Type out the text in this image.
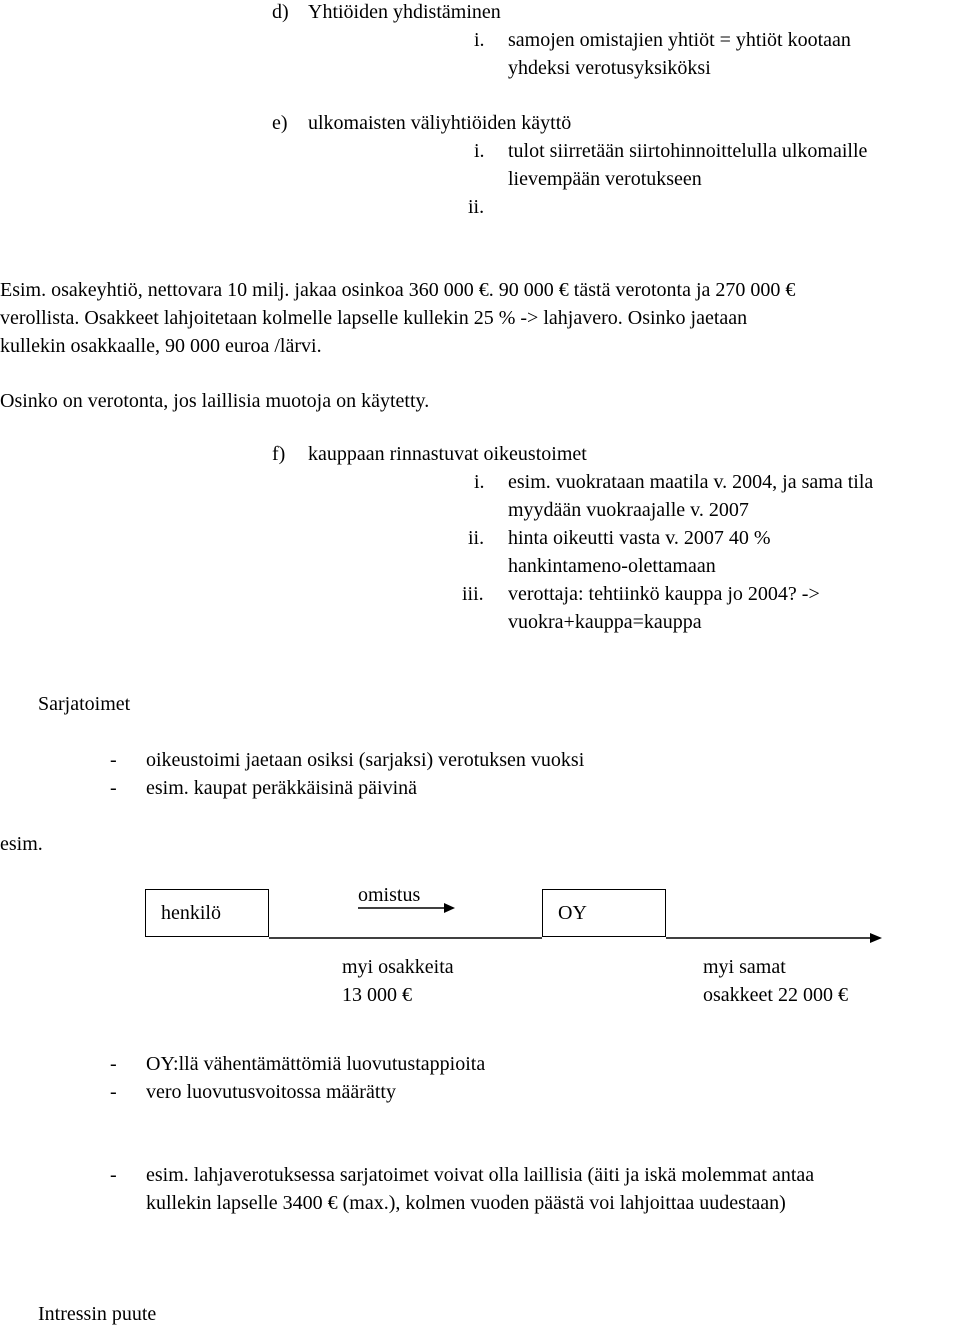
d) Yhtiöiden yhdistäminen
i. samojen omistajien yhtiöt = yhtiöt kootaan
yhdeksi verotusyksiköksi
e) ulkomaisten väliyhtiöiden käyttö
i. tulot siirretään siirtohinnoittelulla ulkomaille
lievempään verotukseen
ii.
Esim. osakeyhtiö, nettovara 10 milj. jakaa osinkoa 360 000 €. 90 000 € tästä verotonta ja 270 000 €
verollista. Osakkeet lahjoitetaan kolmelle lapselle kullekin 25 % -> lahjavero. Osinko jaetaan
kullekin osakkaalle, 90 000 euroa /lärvi.
Osinko on verotonta, jos laillisia muotoja on käytetty.
f) kauppaan rinnastuvat oikeustoimet
i. esim. vuokrataan maatila v. 2004, ja sama tila
myydään vuokraajalle v. 2007
ii. hinta oikeutti vasta v. 2007 40 %
hankintameno-olettamaan
iii. verottaja: tehtiinkö kauppa jo 2004? ->
vuokra+kauppa=kauppa
Sarjatoimet
- oikeustoimi jaetaan osiksi (sarjaksi) verotuksen vuoksi
- esim. kaupat peräkkäisinä päivinä
esim.
henkilö	OY
omistus
myi osakkeita
13 000 €
myi samat
osakkeet 22 000 €
- OY:llä vähentämättömiä luovutustappioita
- vero luovutusvoitossa määrätty
- esim. lahjaverotuksessa sarjatoimet voivat olla laillisia (äiti ja iskä molemmat antaa
kullekin lapselle 3400 € (max.), kolmen vuoden päästä voi lahjoittaa uudestaan)
Intressin puute
